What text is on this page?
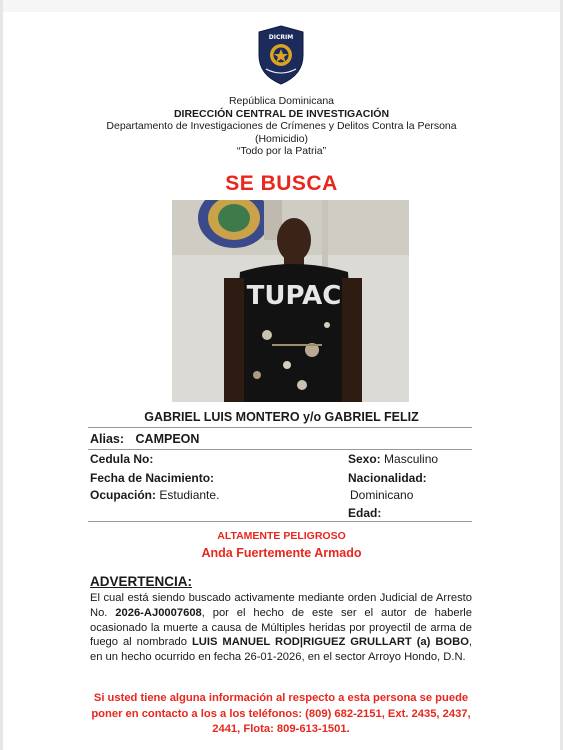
DICRIM
República Dominicana
DIRECCIÓN CENTRAL DE INVESTIGACIÓN
Departamento de Investigaciones de Crímenes y Delitos Contra la Persona
(Homicidio)
“Todo por la Patria”
SE BUSCA
TUPAC
GABRIEL LUIS MONTERO y/o GABRIEL FELIZ
Alias: CAMPEON
Cedula No:
Fecha de Nacimiento:
Ocupación: Estudiante.
Sexo: Masculino
Nacionalidad:
Dominicano
Edad:
ALTAMENTE PELIGROSO
Anda Fuertemente Armado
ADVERTENCIA:
El cual está siendo buscado activamente mediante orden Judicial de Arresto No. 2026-AJ0007608, por el hecho de este ser el autor de haberle ocasionado la muerte a causa de Múltiples heridas por proyectil de arma de fuego al nombrado LUIS MANUEL ROD|RIGUEZ GRULLART (a) BOBO, en un hecho ocurrido en fecha 26-01-2026, en el sector Arroyo Hondo, D.N.
Si usted tiene alguna información al respecto a esta persona se puede poner en contacto a los a los teléfonos: (809) 682-2151, Ext. 2435, 2437, 2441, Flota: 809-613-1501.
